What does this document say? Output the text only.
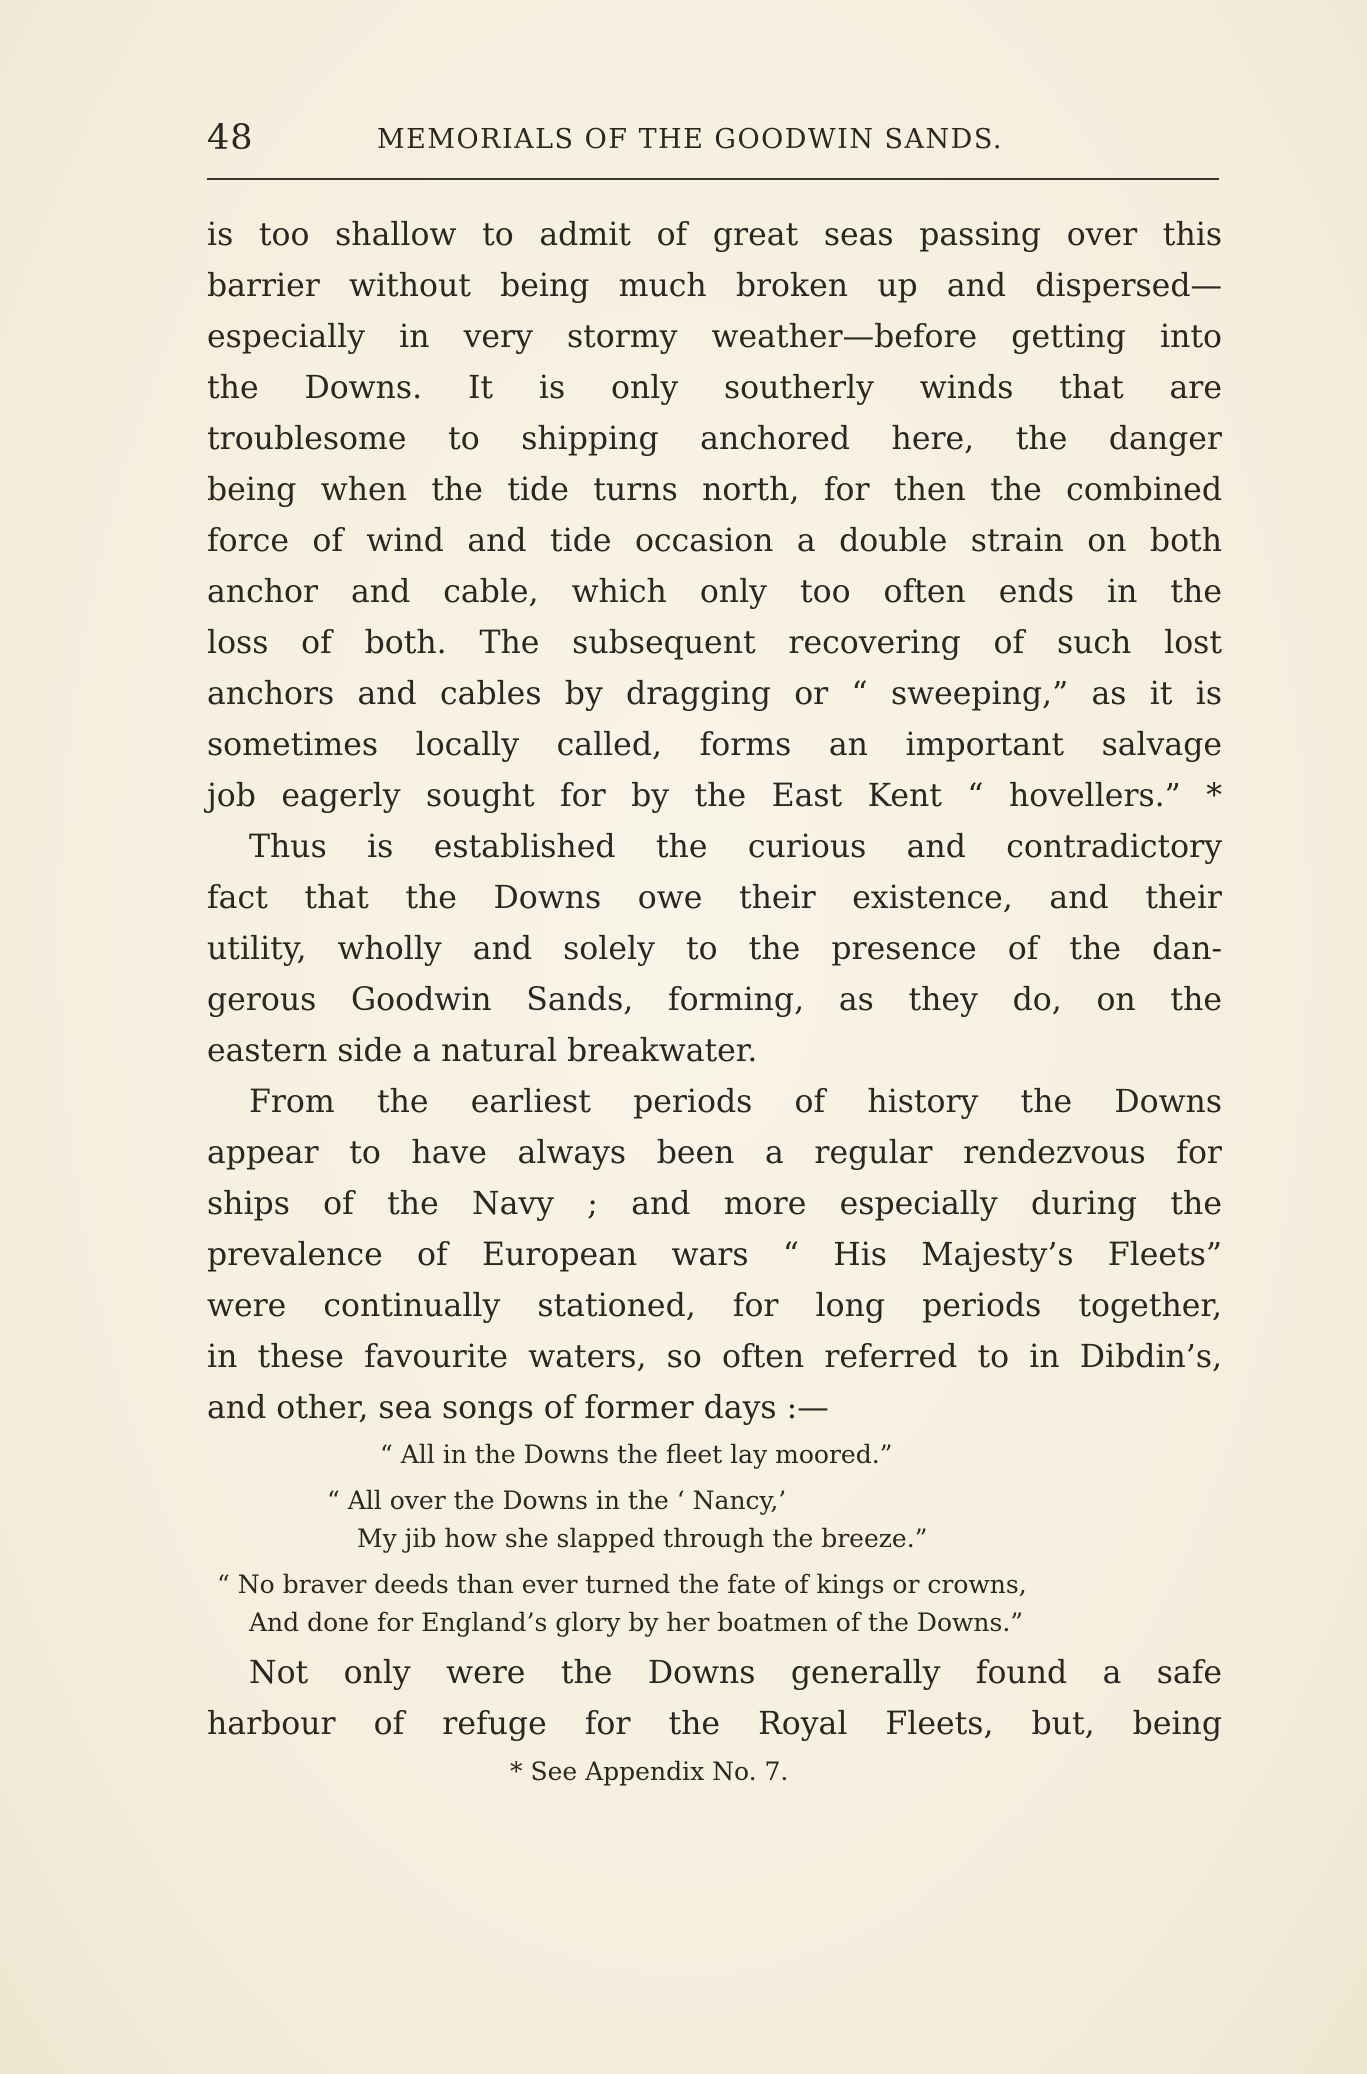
48	MEMORIALS OF THE GOODWIN SANDS.
is too shallow to admit of great seas passing over this
barrier without being much broken up and dispersed—
especially in very stormy weather—before getting into
the Downs. It is only southerly winds that are
troublesome to shipping anchored here, the danger
being when the tide turns north, for then the combined
force of wind and tide occasion a double strain on both
anchor and cable, which only too often ends in the
loss of both. The subsequent recovering of such lost
anchors and cables by dragging or “ sweeping,” as it is
sometimes locally called, forms an important salvage
job eagerly sought for by the East Kent “ hovellers.” *
Thus is established the curious and contradictory
fact that the Downs owe their existence, and their
utility, wholly and solely to the presence of the dan-
gerous Goodwin Sands, forming, as they do, on the
eastern side a natural breakwater.
From the earliest periods of history the Downs
appear to have always been a regular rendezvous for
ships of the Navy ; and more especially during the
prevalence of European wars “ His Majesty’s Fleets”
were continually stationed, for long periods together,
in these favourite waters, so often referred to in Dibdin’s,
and other, sea songs of former days :—
“ All in the Downs the fleet lay moored.”
“ All over the Downs in the ‘ Nancy,’
My jib how she slapped through the breeze.”
“ No braver deeds than ever turned the fate of kings or crowns,
And done for England’s glory by her boatmen of the Downs.”
Not only were the Downs generally found a safe
harbour of refuge for the Royal Fleets, but, being
* See Appendix No. 7.
